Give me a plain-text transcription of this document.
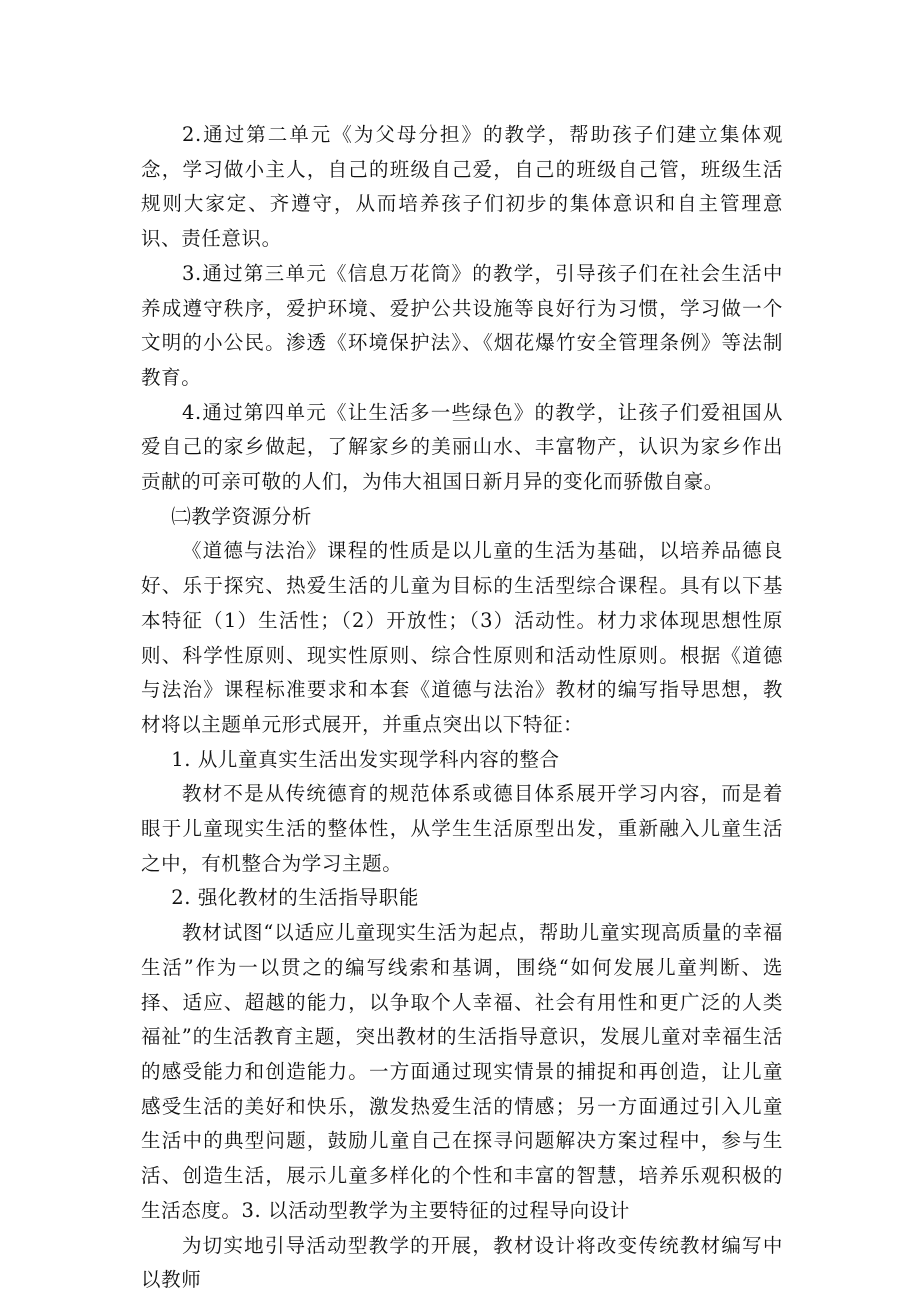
2.通过第二单元《为父母分担》的教学，帮助孩子们建立集体观念，学习做小主人，自己的班级自己爱，自己的班级自己管，班级生活规则大家定、齐遵守，从而培养孩子们初步的集体意识和自主管理意识、责任意识。

3.通过第三单元《信息万花筒》的教学，引导孩子们在社会生活中养成遵守秩序，爱护环境、爱护公共设施等良好行为习惯，学习做一个文明的小公民。渗透《环境保护法》、《烟花爆竹安全管理条例》等法制教育。

4.通过第四单元《让生活多一些绿色》的教学，让孩子们爱祖国从爱自己的家乡做起，了解家乡的美丽山水、丰富物产，认识为家乡作出贡献的可亲可敬的人们，为伟大祖国日新月异的变化而骄傲自豪。

㈡教学资源分析

《道德与法治》课程的性质是以儿童的生活为基础，以培养品德良好、乐于探究、热爱生活的儿童为目标的生活型综合课程。具有以下基本特征（1）生活性；（2）开放性；（3）活动性。材力求体现思想性原则、科学性原则、现实性原则、综合性原则和活动性原则。根据《道德与法治》课程标准要求和本套《道德与法治》教材的编写指导思想，教材将以主题单元形式展开，并重点突出以下特征：

1. 从儿童真实生活出发实现学科内容的整合

教材不是从传统德育的规范体系或德目体系展开学习内容，而是着眼于儿童现实生活的整体性，从学生生活原型出发，重新融入儿童生活之中，有机整合为学习主题。

2. 强化教材的生活指导职能

教材试图“以适应儿童现实生活为起点，帮助儿童实现高质量的幸福生活”作为一以贯之的编写线索和基调，围绕“如何发展儿童判断、选择、适应、超越的能力，以争取个人幸福、社会有用性和更广泛的人类福祉”的生活教育主题，突出教材的生活指导意识，发展儿童对幸福生活的感受能力和创造能力。一方面通过现实情景的捕捉和再创造，让儿童感受生活的美好和快乐，激发热爱生活的情感；另一方面通过引入儿童生活中的典型问题，鼓励儿童自己在探寻问题解决方案过程中，参与生活、创造生活，展示儿童多样化的个性和丰富的智慧，培养乐观积极的生活态度。3. 以活动型教学为主要特征的过程导向设计

为切实地引导活动型教学的开展，教材设计将改变传统教材编写中以教师
